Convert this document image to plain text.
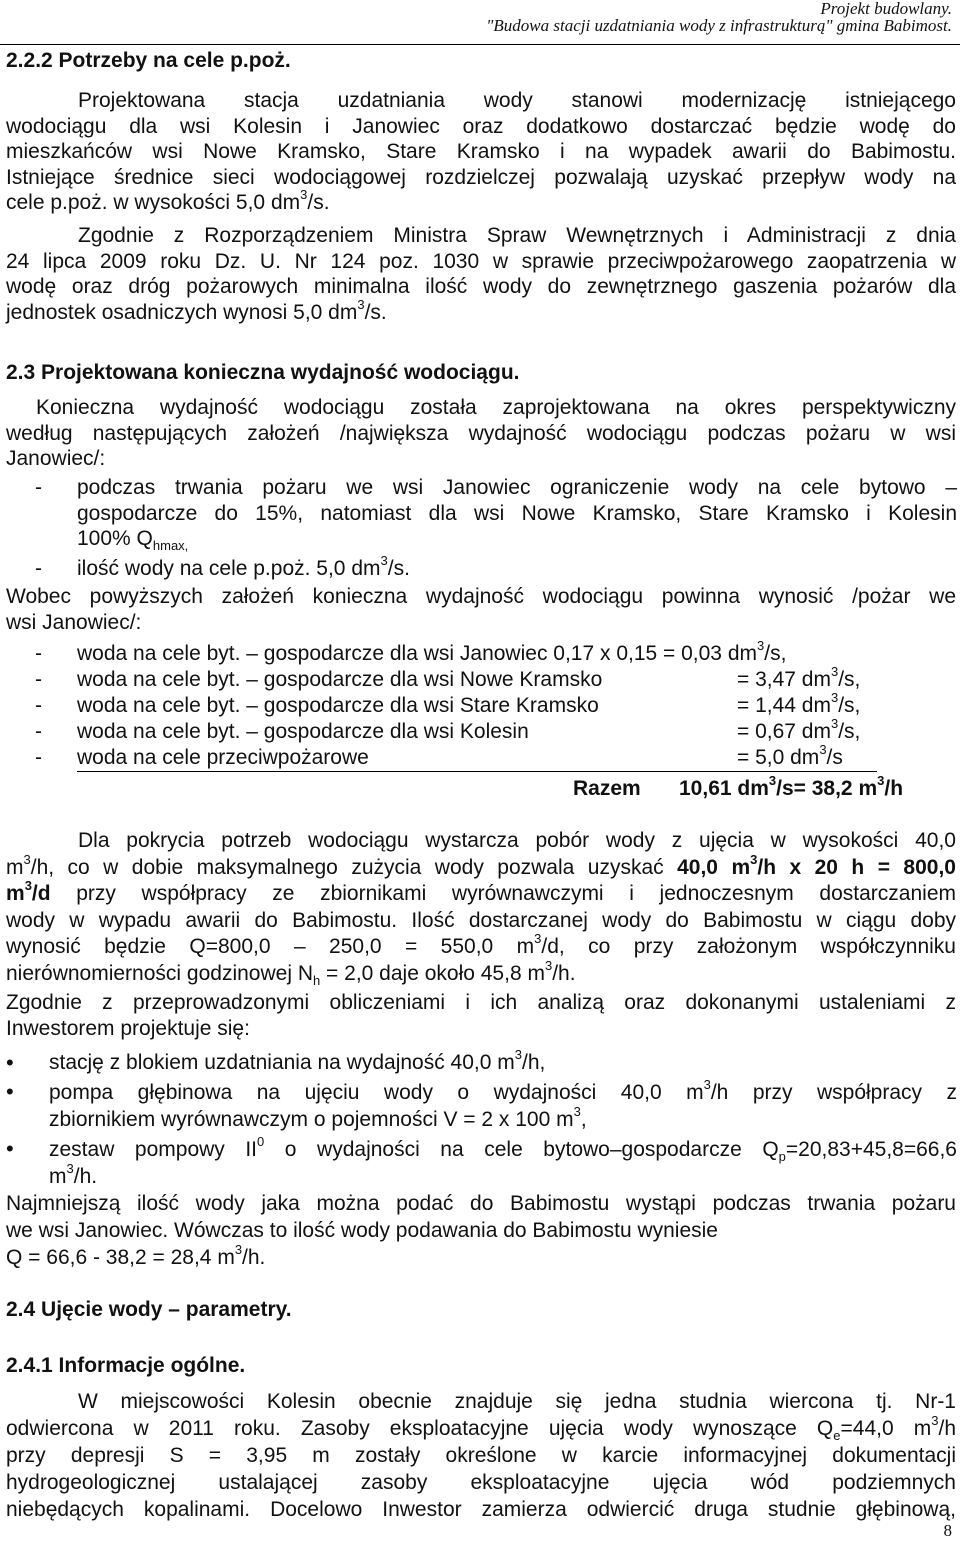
Projekt budowlany.
"Budowa stacji uzdatniania wody z infrastrukturą" gmina Babimost.
2.2.2 Potrzeby na cele p.poż.
Projektowana stacja uzdatniania wody stanowi modernizację istniejącego
wodociągu dla wsi Kolesin i Janowiec oraz dodatkowo dostarczać będzie wodę do
mieszkańców wsi Nowe Kramsko, Stare Kramsko i na wypadek awarii do Babimostu.
Istniejące średnice sieci wodociągowej rozdzielczej pozwalają uzyskać przepływ wody na
cele p.poż. w wysokości 5,0 $dm^3/s$.
Zgodnie z Rozporządzeniem Ministra Spraw Wewnętrznych i Administracji z dnia
24 lipca 2009 roku Dz. U. Nr 124 poz. 1030 w sprawie przeciwpożarowego zaopatrzenia w
wodę oraz dróg pożarowych minimalna ilość wody do zewnętrznego gaszenia pożarów dla
jednostek osadniczych wynosi 5,0 $dm^3/s$.
2.3 Projektowana konieczna wydajność wodociągu.
Konieczna wydajność wodociągu została zaprojektowana na okres perspektywiczny
według następujących założeń /największa wydajność wodociągu podczas pożaru w wsi
Janowiec/:
- podczas trwania pożaru we wsi Janowiec ograniczenie wody na cele bytowo –
gospodarcze do 15%, natomiast dla wsi Nowe Kramsko, Stare Kramsko i Kolesin
100% $Q_{hmax,}$
- ilość wody na cele p.poż. 5,0 $dm^3/s$.
Wobec powyższych założeń konieczna wydajność wodociągu powinna wynosić /pożar we
wsi Janowiec/:
- woda na cele byt. – gospodarcze dla wsi Janowiec 0,17 x 0,15 = 0,03 $dm^3/s$,
- woda na cele byt. – gospodarcze dla wsi Nowe Kramsko	= 3,47 $dm^3/s$,
- woda na cele byt. – gospodarcze dla wsi Stare Kramsko	= 1,44 $dm^3/s$,
- woda na cele byt. – gospodarcze dla wsi Kolesin	= 0,67 $dm^3/s$,
- woda na cele przeciwpożarowe	= 5,0 $dm^3/s$
Razem 10,61 $dm^3/s= 38,2$ $m^3/h$
Dla pokrycia potrzeb wodociągu wystarcza pobór wody z ujęcia w wysokości 40,0
$m^3/h$, co w dobie maksymalnego zużycia wody pozwala uzyskać 40,0 $m^3/h$ x 20 h = 800,0
$m^3/d$ przy współpracy ze zbiornikami wyrównawczymi i jednoczesnym dostarczaniem
wody w wypadu awarii do Babimostu. Ilość dostarczanej wody do Babimostu w ciągu doby
wynosić będzie Q=800,0 – 250,0 = 550,0 $m^3/d$, co przy założonym współczynniku
nierównomierności godzinowej $N_h = 2,0$ daje około 45,8 $m^3/h$.
Zgodnie z przeprowadzonymi obliczeniami i ich analizą oraz dokonanymi ustaleniami z
Inwestorem projektuje się:
• stację z blokiem uzdatniania na wydajność 40,0 $m^3/h$,
• pompa głębinowa na ujęciu wody o wydajności 40,0 $m^3/h$ przy współpracy z
zbiornikiem wyrównawczym o pojemności V = 2 x 100 $m^3$,
• zestaw pompowy $II^0$ o wydajności na cele bytowo–gospodarcze $Q_p=20,83+45,8=66,6$
$m^3/h$.
Najmniejszą ilość wody jaka można podać do Babimostu wystąpi podczas trwania pożaru
we wsi Janowiec. Wówczas to ilość wody podawania do Babimostu wyniesie
Q = 66,6 - 38,2 = 28,4 $m^3/h$.
2.4 Ujęcie wody – parametry.
2.4.1 Informacje ogólne.
W miejscowości Kolesin obecnie znajduje się jedna studnia wiercona tj. Nr-1
odwiercona w 2011 roku. Zasoby eksploatacyjne ujęcia wody wynoszące $Q_e=44,0$ $m^3/h$
przy depresji S = 3,95 m zostały określone w karcie informacyjnej dokumentacji
hydrogeologicznej ustalającej zasoby eksploatacyjne ujęcia wód podziemnych
niebędących kopalinami. Docelowo Inwestor zamierza odwiercić druga studnie głębinową,
8
